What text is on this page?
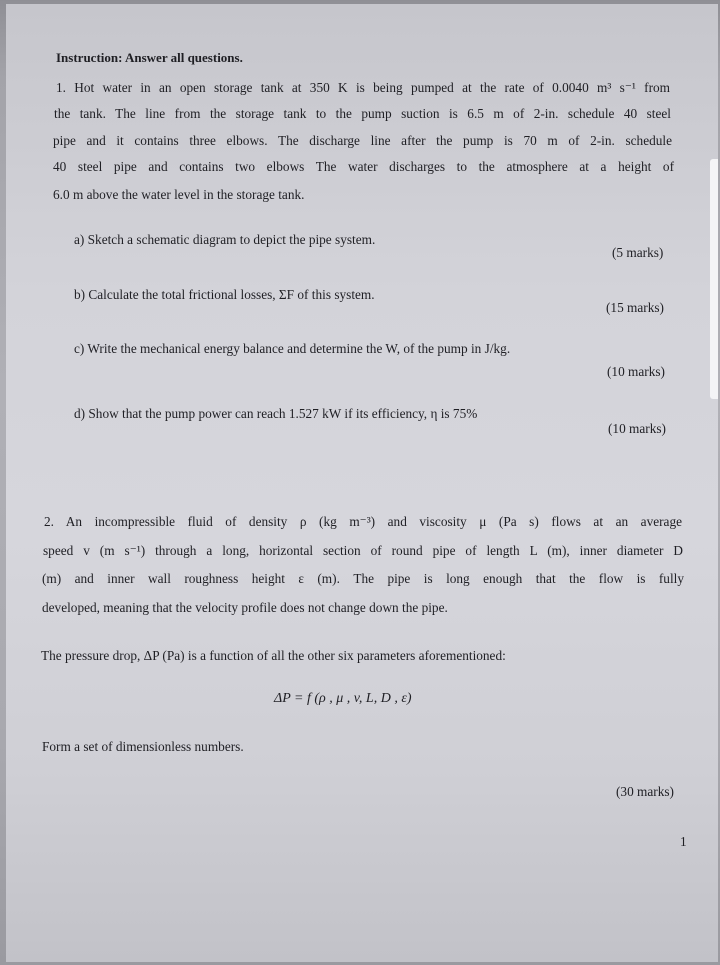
Instruction: Answer all questions.
1. Hot water in an open storage tank at 350 K is being pumped at the rate of 0.0040 m³ s⁻¹ from
the tank. The line from the storage tank to the pump suction is 6.5 m of 2-in. schedule 40 steel
pipe and it contains three elbows. The discharge line after the pump is 70 m of 2-in. schedule
40 steel pipe and contains two elbows The water discharges to the atmosphere at a height of
6.0 m above the water level in the storage tank.
a) Sketch a schematic diagram to depict the pipe system.
(5 marks)
b) Calculate the total frictional losses, ΣF of this system.
(15 marks)
c) Write the mechanical energy balance and determine the W, of the pump in J/kg.
(10 marks)
d) Show that the pump power can reach 1.527 kW if its efficiency, η is 75%
(10 marks)
2. An incompressible fluid of density ρ (kg m⁻³) and viscosity μ (Pa s) flows at an average
speed v (m s⁻¹) through a long, horizontal section of round pipe of length L (m), inner diameter D
(m) and inner wall roughness height ε (m). The pipe is long enough that the flow is fully
developed, meaning that the velocity profile does not change down the pipe.
The pressure drop, ΔP (Pa) is a function of all the other six parameters aforementioned:
ΔP = f (ρ , μ , v, L, D , ε)
Form a set of dimensionless numbers.
(30 marks)
1
